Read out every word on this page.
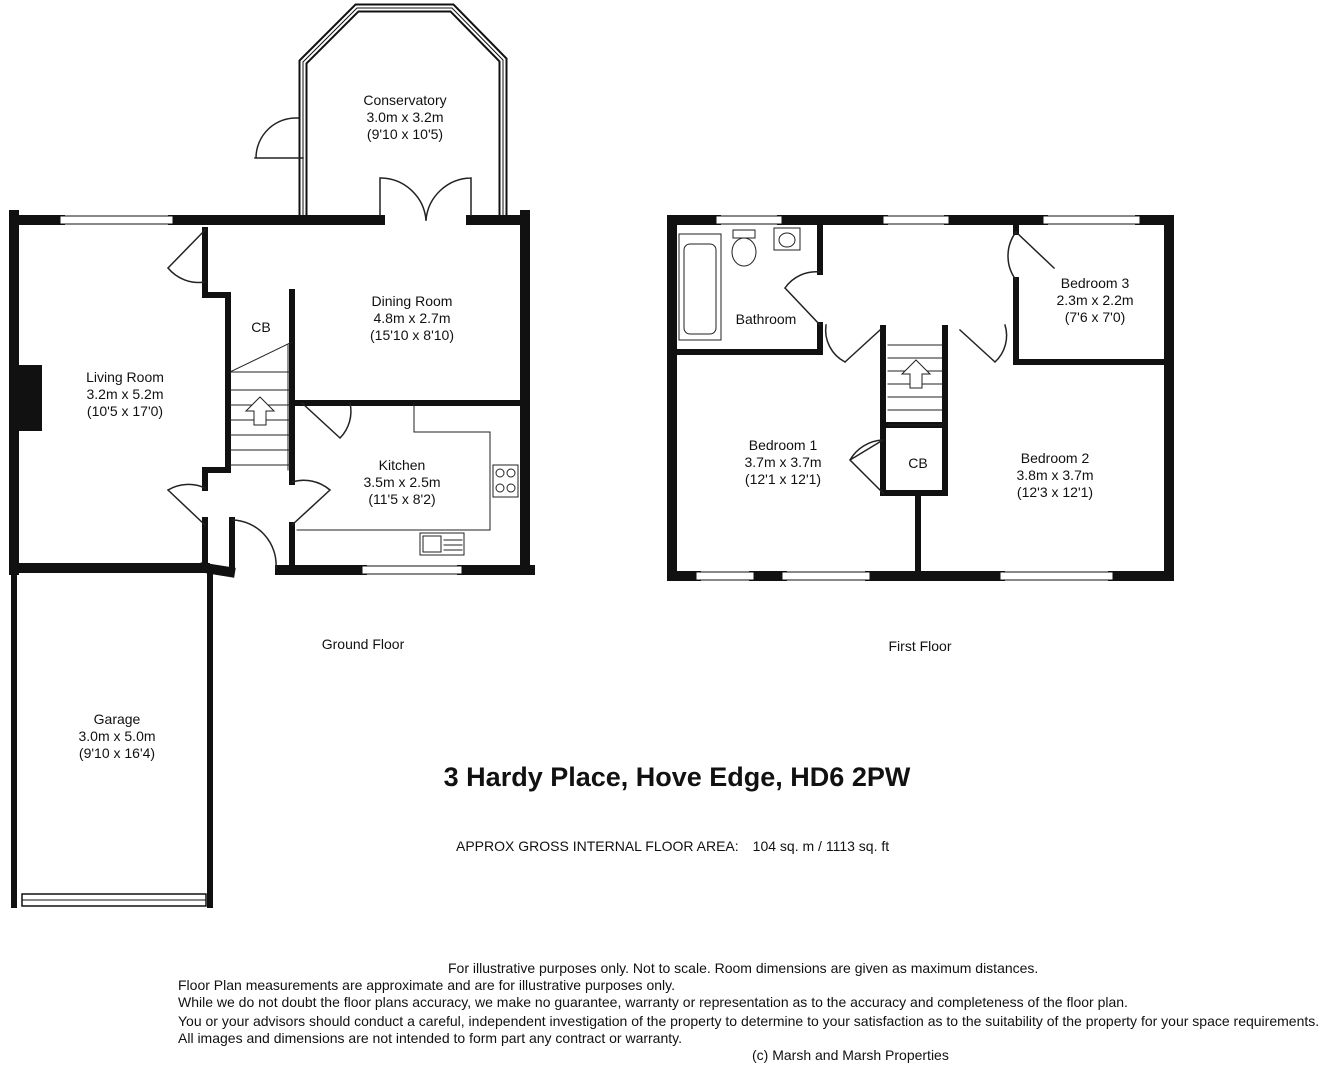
Conservatory
3.0m x 3.2m
(9'10 x 10'5)
Dining Room
4.8m x 2.7m
(15'10 x 8'10)
Living Room
3.2m x 5.2m
(10'5 x 17'0)
Kitchen
3.5m x 2.5m
(11'5 x 8'2)
Garage
3.0m x 5.0m
(9'10 x 16'4)
CB	Bathroom
Bedroom 3
2.3m x 2.2m
(7'6 x 7'0)
Bedroom 1
3.7m x 3.7m
(12'1 x 12'1)
Bedroom 2
3.8m x 3.7m
(12'3 x 12'1)
CB
Ground Floor	First Floor
3 Hardy Place, Hove Edge, HD6 2PW
APPROX GROSS INTERNAL FLOOR AREA: 104 sq. m / 1113 sq. ft
For illustrative purposes only. Not to scale. Room dimensions are given as maximum distances.
Floor Plan measurements are approximate and are for illustrative purposes only.
While we do not doubt the floor plans accuracy, we make no guarantee, warranty or representation as to the accuracy and completeness of the floor plan.
You or your advisors should conduct a careful, independent investigation of the property to determine to your satisfaction as to the suitability of the property for your space requirements.
All images and dimensions are not intended to form part any contract or warranty.
(c) Marsh and Marsh Properties
